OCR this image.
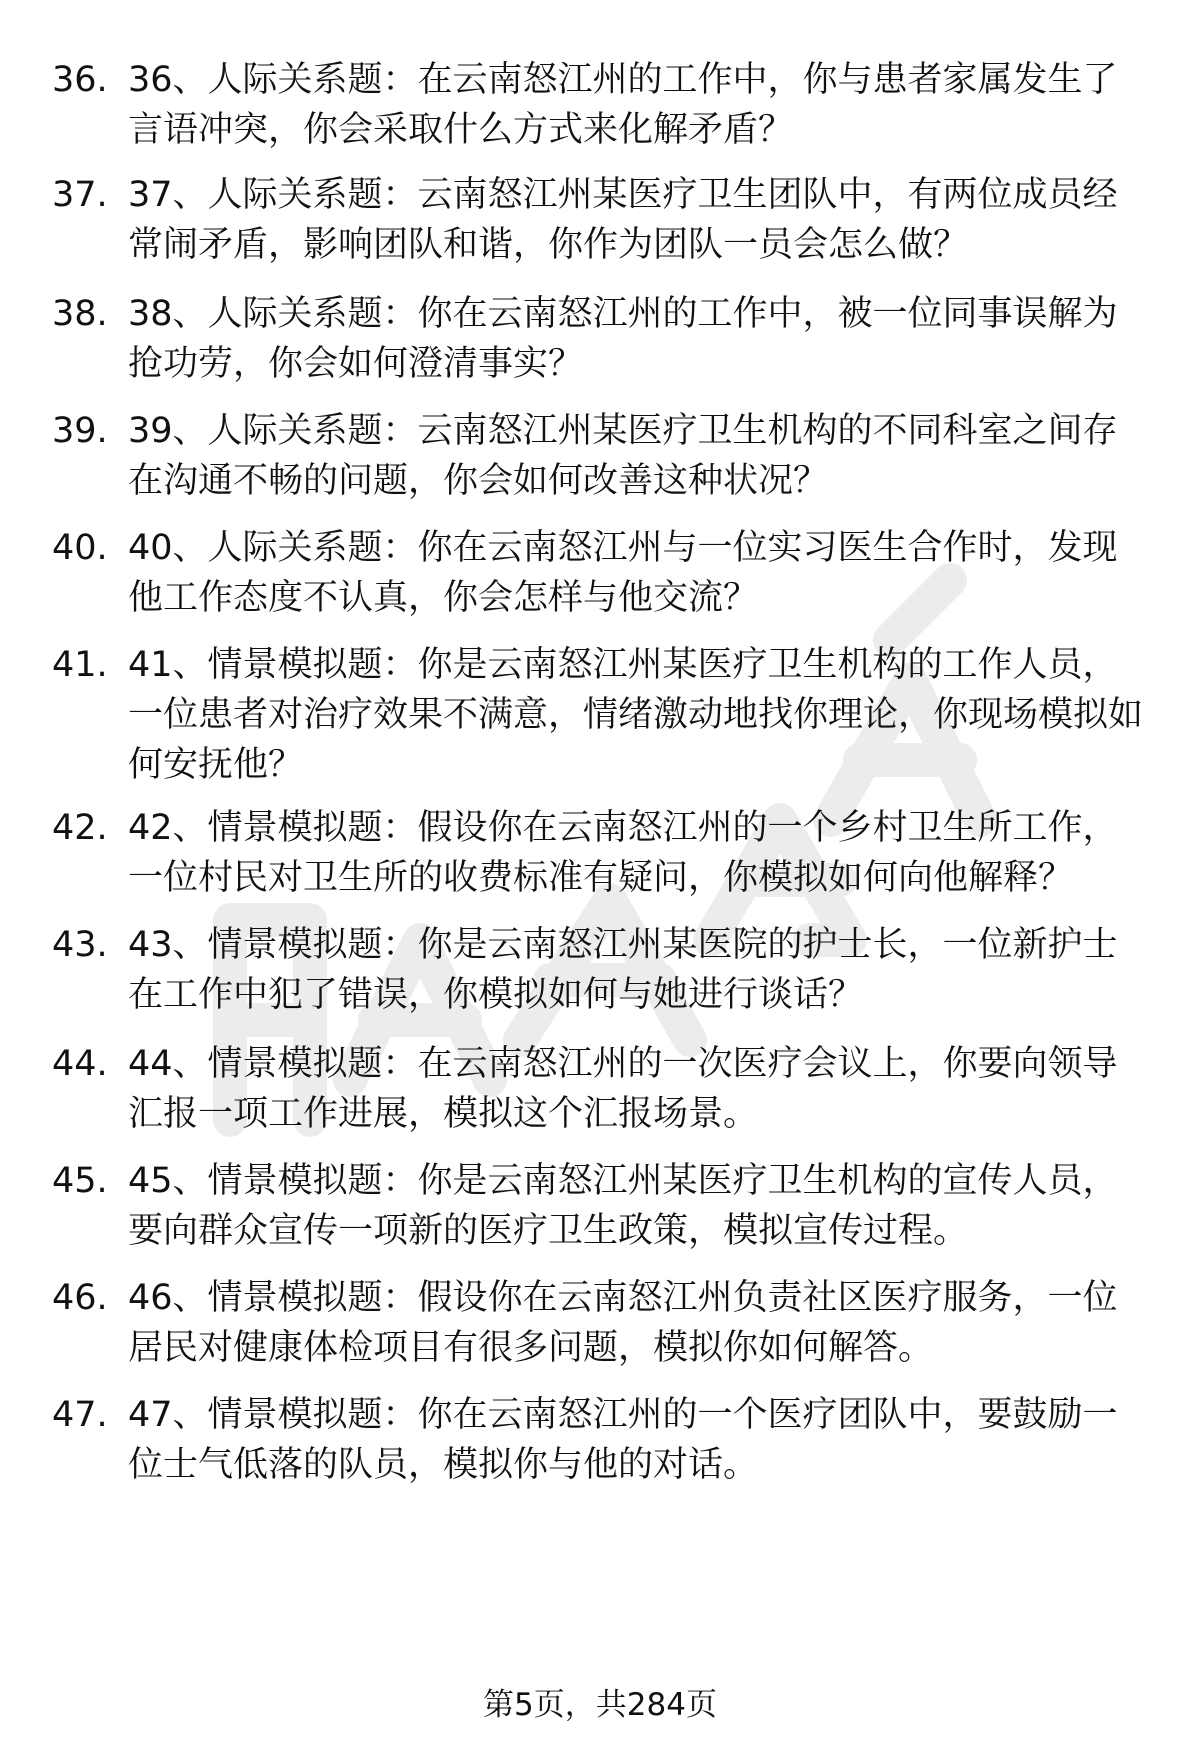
36. 36、人际关系题：在云南怒江州的工作中，你与患者家属发生了言语冲突，你会采取什么方式来化解矛盾？
37. 37、人际关系题：云南怒江州某医疗卫生团队中，有两位成员经常闹矛盾，影响团队和谐，你作为团队一员会怎么做？
38. 38、人际关系题：你在云南怒江州的工作中，被一位同事误解为抢功劳，你会如何澄清事实？
39. 39、人际关系题：云南怒江州某医疗卫生机构的不同科室之间存在沟通不畅的问题，你会如何改善这种状况？
40. 40、人际关系题：你在云南怒江州与一位实习医生合作时，发现他工作态度不认真，你会怎样与他交流？
41. 41、情景模拟题：你是云南怒江州某医疗卫生机构的工作人员，一位患者对治疗效果不满意，情绪激动地找你理论，你现场模拟如何安抚他？
42. 42、情景模拟题：假设你在云南怒江州的一个乡村卫生所工作，一位村民对卫生所的收费标准有疑问，你模拟如何向他解释？
43. 43、情景模拟题：你是云南怒江州某医院的护士长，一位新护士在工作中犯了错误，你模拟如何与她进行谈话？
44. 44、情景模拟题：在云南怒江州的一次医疗会议上，你要向领导汇报一项工作进展，模拟这个汇报场景。
45. 45、情景模拟题：你是云南怒江州某医疗卫生机构的宣传人员，要向群众宣传一项新的医疗卫生政策，模拟宣传过程。
46. 46、情景模拟题：假设你在云南怒江州负责社区医疗服务，一位居民对健康体检项目有很多问题，模拟你如何解答。
47. 47、情景模拟题：你在云南怒江州的一个医疗团队中，要鼓励一位士气低落的队员，模拟你与他的对话。
第5页，共284页
